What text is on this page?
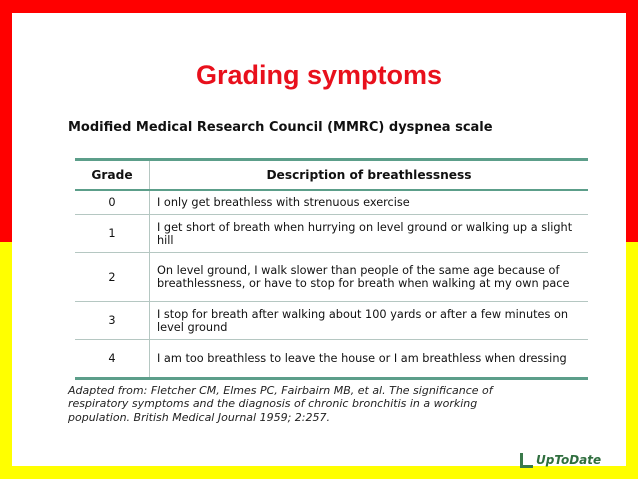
Grading symptoms
Modified Medical Research Council (MMRC) dyspnea scale
Grade	Description of breathlessness
0	I only get breathless with strenuous exercise
1	I get short of breath when hurrying on level ground or walking up a slight hill
2	On level ground, I walk slower than people of the same age because of breathlessness, or have to stop for breath when walking at my own pace
3	I stop for breath after walking about 100 yards or after a few minutes on level ground
4	I am too breathless to leave the house or I am breathless when dressing
Adapted from: Fletcher CM, Elmes PC, Fairbairn MB, et al. The significance of respiratory symptoms and the diagnosis of chronic bronchitis in a working population. British Medical Journal 1959; 2:257.
UpToDate
